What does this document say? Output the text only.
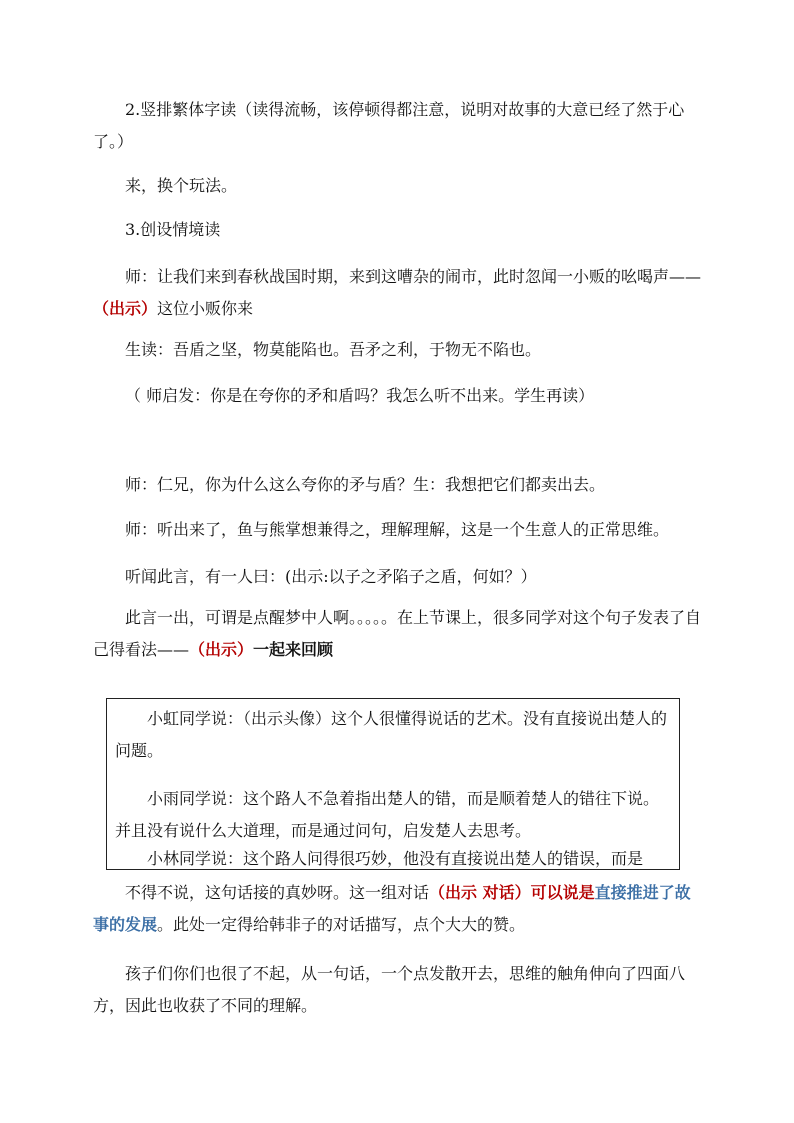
2.竖排繁体字读（读得流畅，该停顿得都注意，说明对故事的大意已经了然于心了。）

来，换个玩法。

3.创设情境读

师：让我们来到春秋战国时期，来到这嘈杂的闹市，此时忽闻一小贩的吆喝声——（出示）这位小贩你来

生读：吾盾之坚，物莫能陷也。吾矛之利，于物无不陷也。

（ 师启发：你是在夸你的矛和盾吗？我怎么听不出来。学生再读）

师：仁兄，你为什么这么夸你的矛与盾？生：我想把它们都卖出去。

师：听出来了，鱼与熊掌想兼得之，理解理解，这是一个生意人的正常思维。

听闻此言，有一人曰：(出示:以子之矛陷子之盾，何如？）

此言一出，可谓是点醒梦中人啊。。。。。在上节课上，很多同学对这个句子发表了自己得看法——（出示）一起来回顾

小虹同学说：（出示头像）这个人很懂得说话的艺术。没有直接说出楚人的问题。

小雨同学说：这个路人不急着指出楚人的错，而是顺着楚人的错往下说。并且没有说什么大道理，而是通过问句，启发楚人去思考。

小林同学说：这个路人问得很巧妙，他没有直接说出楚人的错误，而是

不得不说，这句话接的真妙呀。这一组对话（出示 对话）可以说是直接推进了故事的发展。此处一定得给韩非子的对话描写，点个大大的赞。

孩子们你们也很了不起，从一句话，一个点发散开去，思维的触角伸向了四面八方，因此也收获了不同的理解。
